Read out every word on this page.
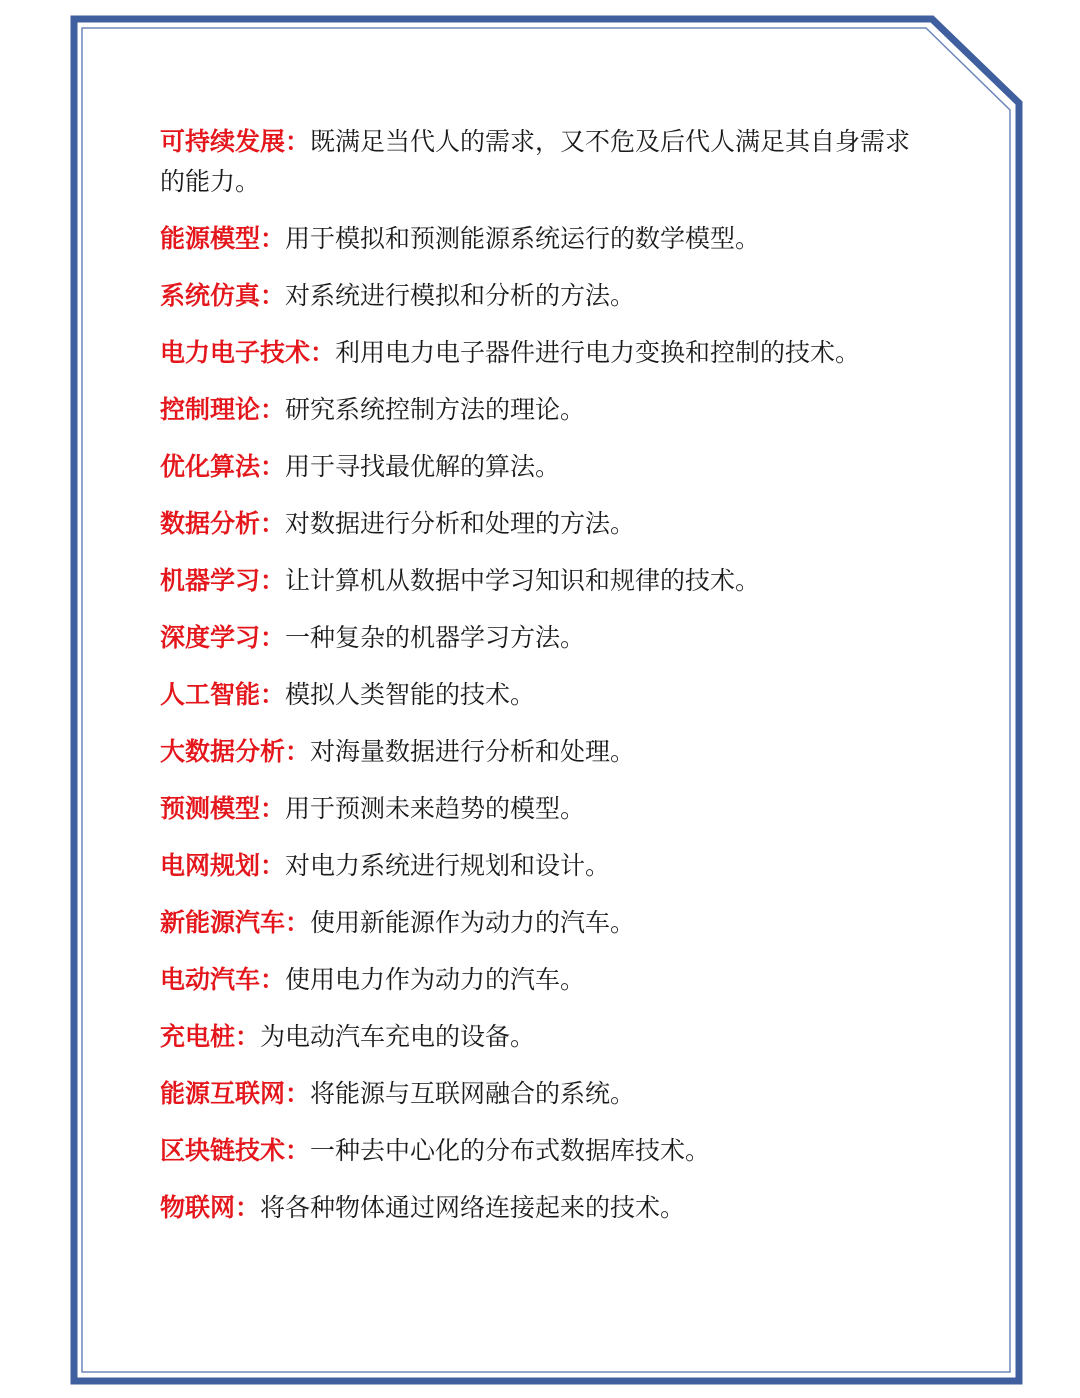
可持续发展：既满足当代人的需求，又不危及后代人满足其自身需求的能力。

能源模型：用于模拟和预测能源系统运行的数学模型。

系统仿真：对系统进行模拟和分析的方法。

电力电子技术：利用电力电子器件进行电力变换和控制的技术。

控制理论：研究系统控制方法的理论。

优化算法：用于寻找最优解的算法。

数据分析：对数据进行分析和处理的方法。

机器学习：让计算机从数据中学习知识和规律的技术。

深度学习：一种复杂的机器学习方法。

人工智能：模拟人类智能的技术。

大数据分析：对海量数据进行分析和处理。

预测模型：用于预测未来趋势的模型。

电网规划：对电力系统进行规划和设计。

新能源汽车：使用新能源作为动力的汽车。

电动汽车：使用电力作为动力的汽车。

充电桩：为电动汽车充电的设备。

能源互联网：将能源与互联网融合的系统。

区块链技术：一种去中心化的分布式数据库技术。

物联网：将各种物体通过网络连接起来的技术。
